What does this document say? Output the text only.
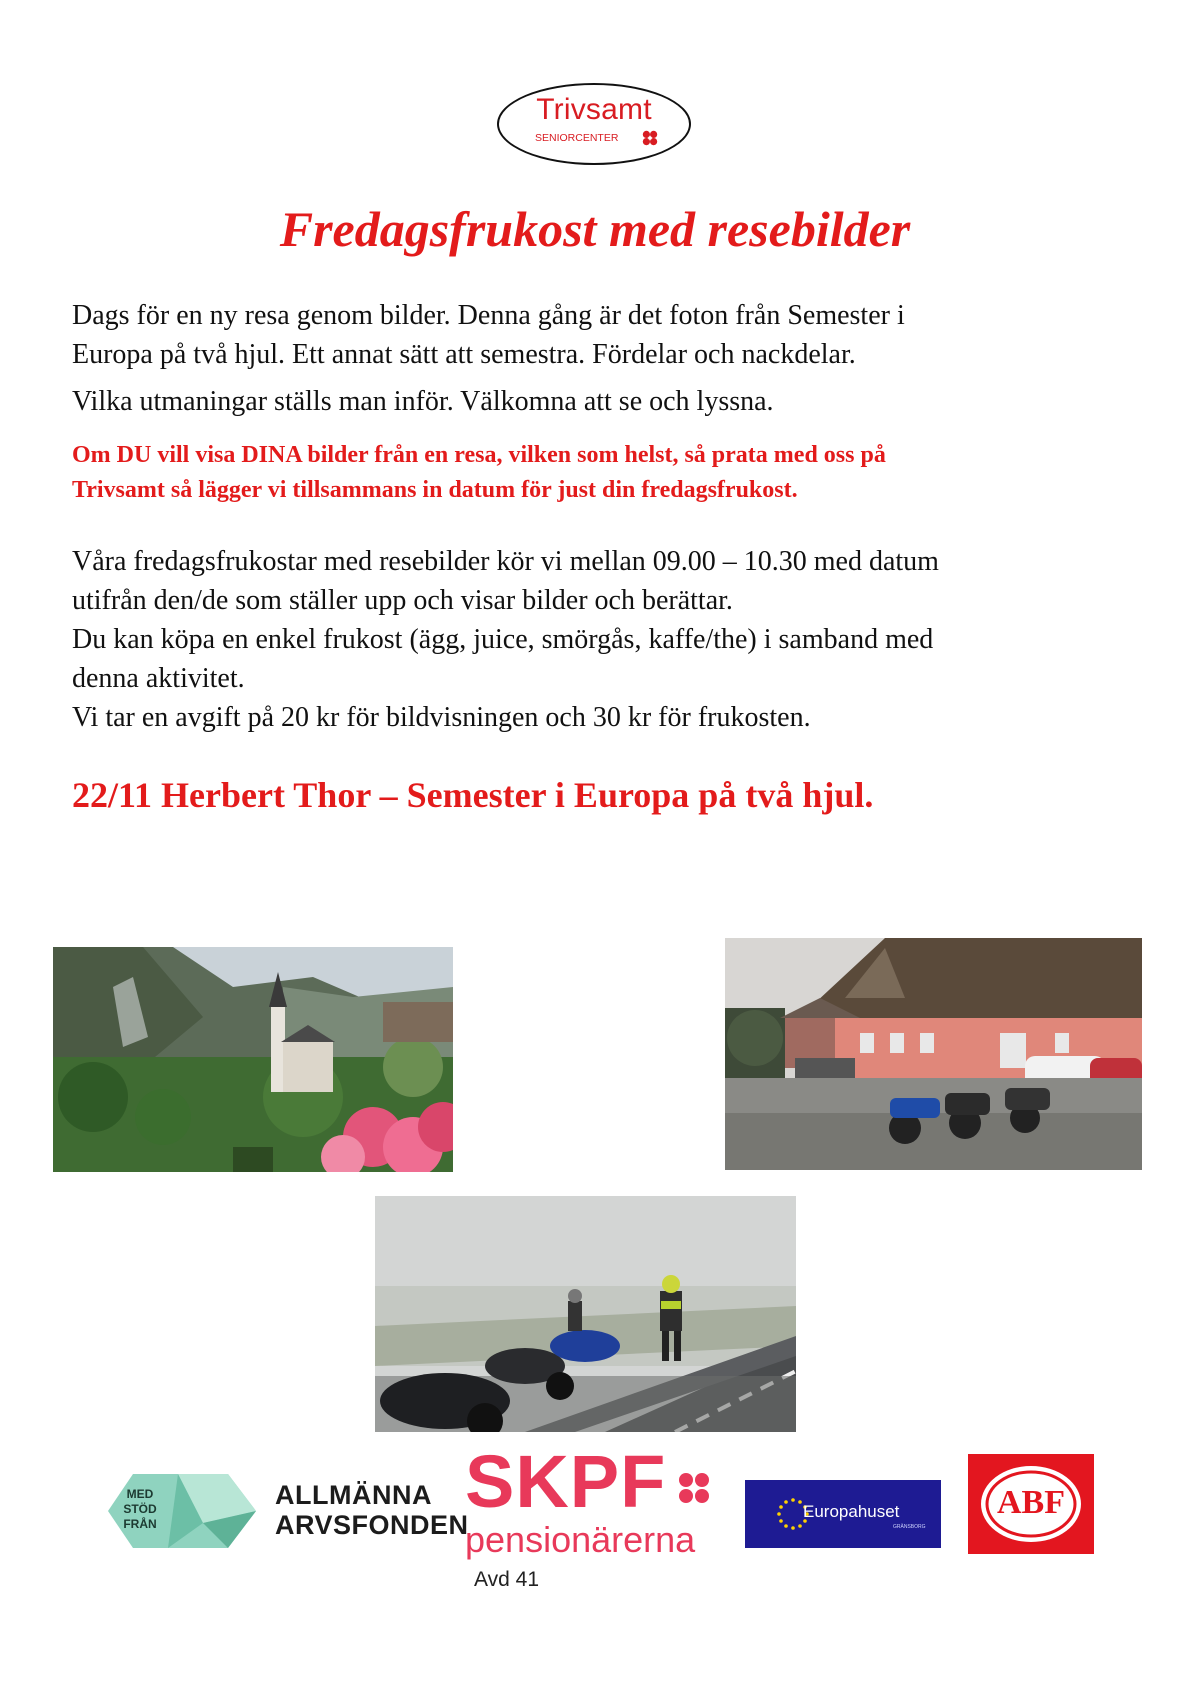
Trivsamt
SENIORCENTER
Fredagsfrukost med resebilder
Dags för en ny resa genom bilder. Denna gång är det foton från Semester i
Europa på två hjul. Ett annat sätt att semestra. Fördelar och nackdelar.
Vilka utmaningar ställs man inför. Välkomna att se och lyssna.
Om DU vill visa DINA bilder från en resa, vilken som helst, så prata med oss på
Trivsamt så lägger vi tillsammans in datum för just din fredagsfrukost.
Våra fredagsfrukostar med resebilder kör vi mellan 09.00 – 10.30 med datum
utifrån den/de som ställer upp och visar bilder och berättar.
Du kan köpa en enkel frukost (ägg, juice, smörgås, kaffe/the) i samband med
denna aktivitet.
Vi tar en avgift på 20 kr för bildvisningen och 30 kr för frukosten.
22/11 Herbert Thor – Semester i Europa på två hjul.
MED
STÖD
FRÅN
ALLMÄNNA
ARVSFONDEN
SKPF
pensionärerna
Avd 41
Europahuset
GRÄNSBORG
ABF
